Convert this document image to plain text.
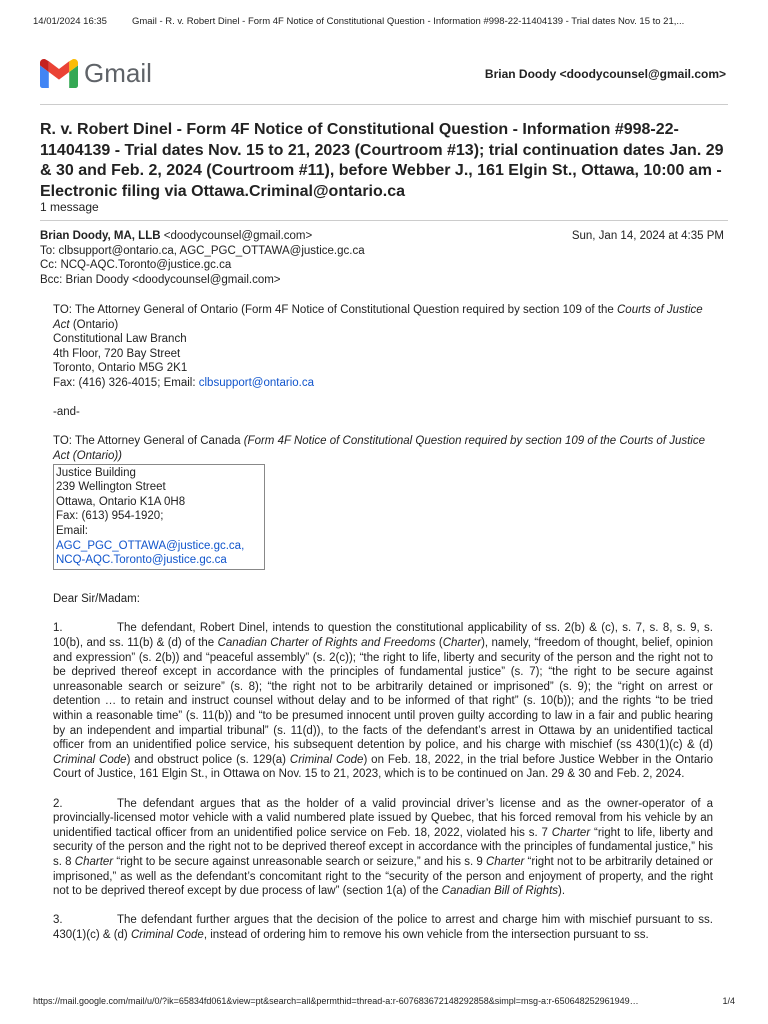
14/01/2024 16:35	Gmail - R. v. Robert Dinel - Form 4F Notice of Constitutional Question - Information #998-22-11404139 - Trial dates Nov. 15 to 21,...
Gmail	Brian Doody <doodycounsel@gmail.com>
R. v. Robert Dinel - Form 4F Notice of Constitutional Question - Information #998-22-11404139 - Trial dates Nov. 15 to 21, 2023 (Courtroom #13); trial continuation dates Jan. 29 & 30 and Feb. 2, 2024 (Courtroom #11), before Webber J., 161 Elgin St., Ottawa, 10:00 am - Electronic filing via Ottawa.Criminal@ontario.ca
1 message
Brian Doody, MA, LLB <doodycounsel@gmail.com>	Sun, Jan 14, 2024 at 4:35 PM
To: clbsupport@ontario.ca, AGC_PGC_OTTAWA@justice.gc.ca
Cc: NCQ-AQC.Toronto@justice.gc.ca
Bcc: Brian Doody <doodycounsel@gmail.com>

TO: The Attorney General of Ontario (Form 4F Notice of Constitutional Question required by section 109 of the Courts of Justice Act (Ontario)

Constitutional Law Branch

4th Floor, 720 Bay Street

Toronto, Ontario M5G 2K1

Fax: (416) 326-4015; Email: clbsupport@ontario.ca

-and-

TO: The Attorney General of Canada (Form 4F Notice of Constitutional Question required by section 109 of the Courts of Justice Act (Ontario))

Justice Building
239 Wellington Street
Ottawa, Ontario K1A 0H8
Fax: (613) 954-1920;
Email: AGC_PGC_OTTAWA@justice.gc.ca,
NCQ-AQC.Toronto@justice.gc.ca

Dear Sir/Madam:

1.	The defendant, Robert Dinel, intends to question the constitutional applicability of ss. 2(b) & (c), s. 7, s. 8, s. 9, s. 10(b), and ss. 11(b) & (d) of the Canadian Charter of Rights and Freedoms (Charter), namely, “freedom of thought, belief, opinion and expression” (s. 2(b)) and “peaceful assembly” (s. 2(c)); “the right to life, liberty and security of the person and the right not to be deprived thereof except in accordance with the principles of fundamental justice” (s. 7); “the right to be secure against unreasonable search or seizure” (s. 8); “the right not to be arbitrarily detained or imprisoned” (s. 9); the “right on arrest or detention … to retain and instruct counsel without delay and to be informed of that right” (s. 10(b)); and the rights “to be tried within a reasonable time” (s. 11(b)) and “to be presumed innocent until proven guilty according to law in a fair and public hearing by an independent and impartial tribunal” (s. 11(d)), to the facts of the defendant’s arrest in Ottawa by an unidentified tactical officer from an unidentified police service, his subsequent detention by police, and his charge with mischief (ss 430(1)(c) & (d) Criminal Code) and obstruct police (s. 129(a) Criminal Code) on Feb. 18, 2022, in the trial before Justice Webber in the Ontario Court of Justice, 161 Elgin St., in Ottawa on Nov. 15 to 21, 2023, which is to be continued on Jan. 29 & 30 and Feb. 2, 2024.

2.	The defendant argues that as the holder of a valid provincial driver’s license and as the owner-operator of a provincially-licensed motor vehicle with a valid numbered plate issued by Quebec, that his forced removal from his vehicle by an unidentified tactical officer from an unidentified police service on Feb. 18, 2022, violated his s. 7 Charter “right to life, liberty and security of the person and the right not to be deprived thereof except in accordance with the principles of fundamental justice,” his s. 8 Charter “right to be secure against unreasonable search or seizure,” and his s. 9 Charter “right not to be arbitrarily detained or imprisoned,” as well as the defendant’s concomitant right to the “security of the person and enjoyment of property, and the right not to be deprived thereof except by due process of law” (section 1(a) of the Canadian Bill of Rights).

3.	The defendant further argues that the decision of the police to arrest and charge him with mischief pursuant to ss. 430(1)(c) & (d) Criminal Code, instead of ordering him to remove his own vehicle from the intersection pursuant to ss.

https://mail.google.com/mail/u/0/?ik=65834fd061&view=pt&search=all&permthid=thread-a:r-607683672148292858&simpl=msg-a:r-650648252961949…	1/4
